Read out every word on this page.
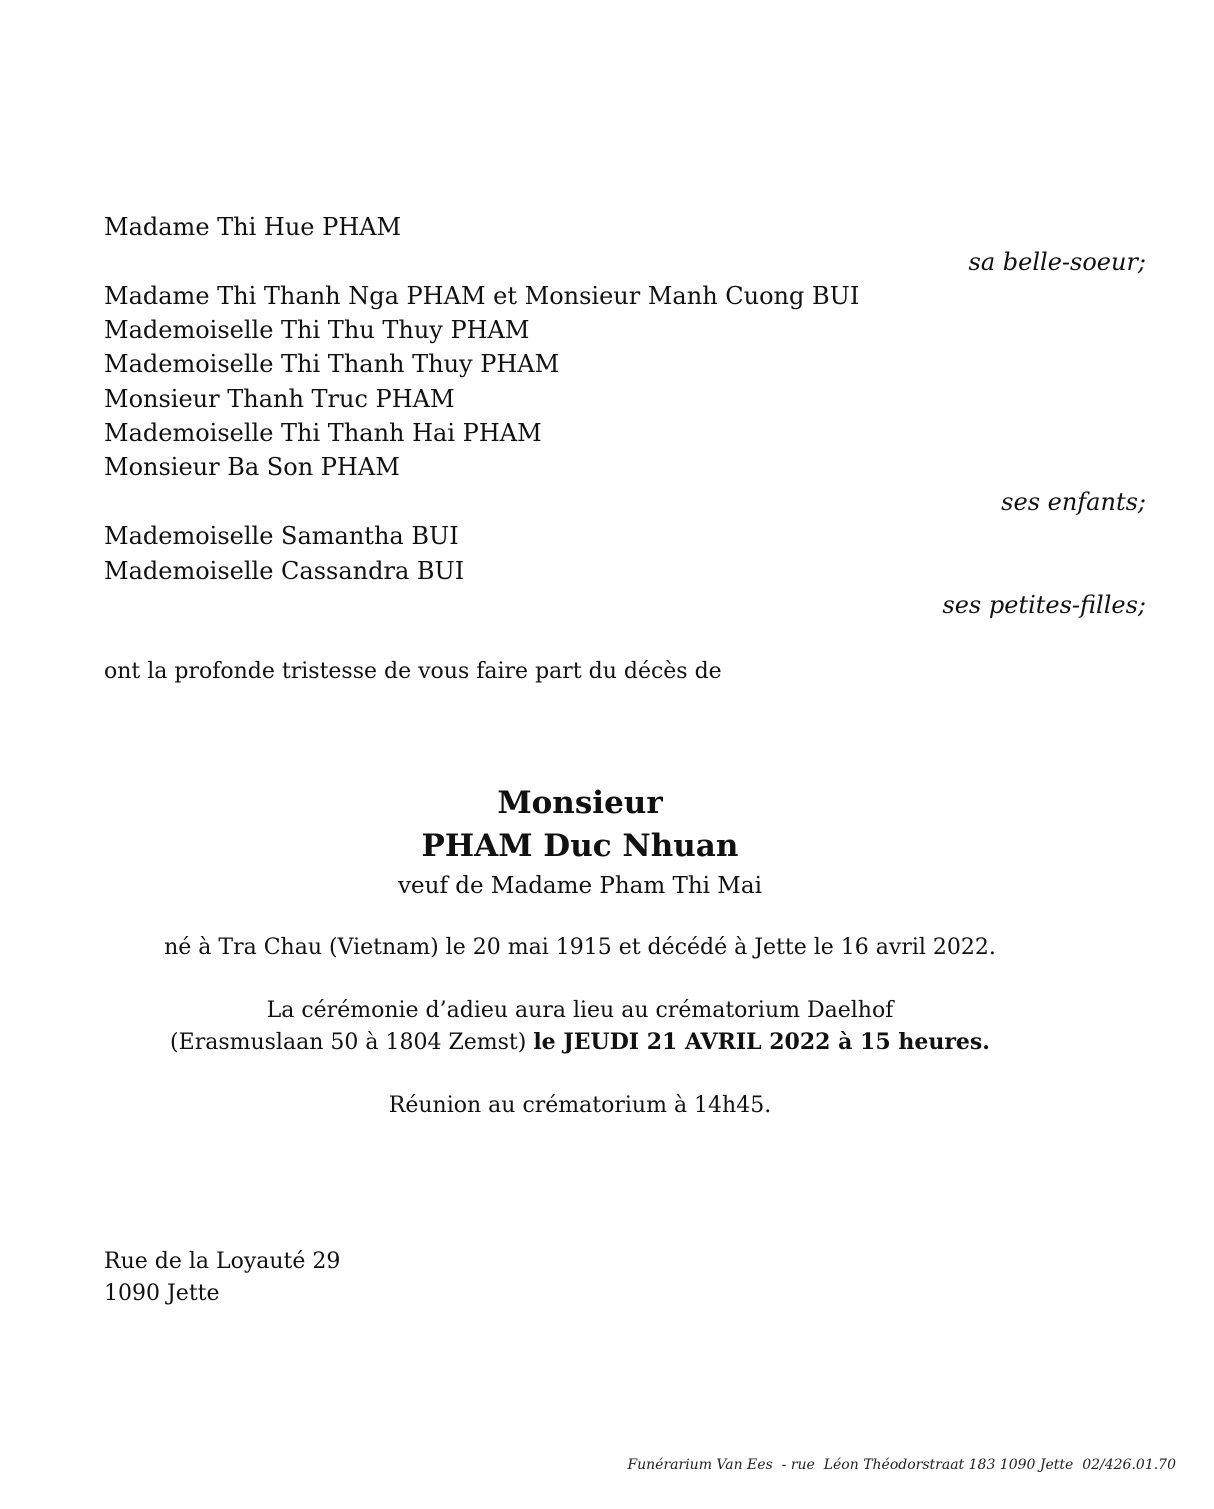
Madame Thi Hue PHAM
sa belle-soeur;
Madame Thi Thanh Nga PHAM et Monsieur Manh Cuong BUI
Mademoiselle Thi Thu Thuy PHAM
Mademoiselle Thi Thanh Thuy PHAM
Monsieur Thanh Truc PHAM
Mademoiselle Thi Thanh Hai PHAM
Monsieur Ba Son PHAM
ses enfants;
Mademoiselle Samantha BUI
Mademoiselle Cassandra BUI
ses petites-filles;
ont la profonde tristesse de vous faire part du décès de
Monsieur
PHAM Duc Nhuan
veuf de Madame Pham Thi Mai
né à Tra Chau (Vietnam) le 20 mai 1915 et décédé à Jette le 16 avril 2022.
La cérémonie d’adieu aura lieu au crématorium Daelhof
(Erasmuslaan 50 à 1804 Zemst) le JEUDI 21 AVRIL 2022 à 15 heures.
Réunion au crématorium à 14h45.
Rue de la Loyauté 29
1090 Jette
Funérarium Van Ees  - rue  Léon Théodorstraat 183 1090 Jette  02/426.01.70
